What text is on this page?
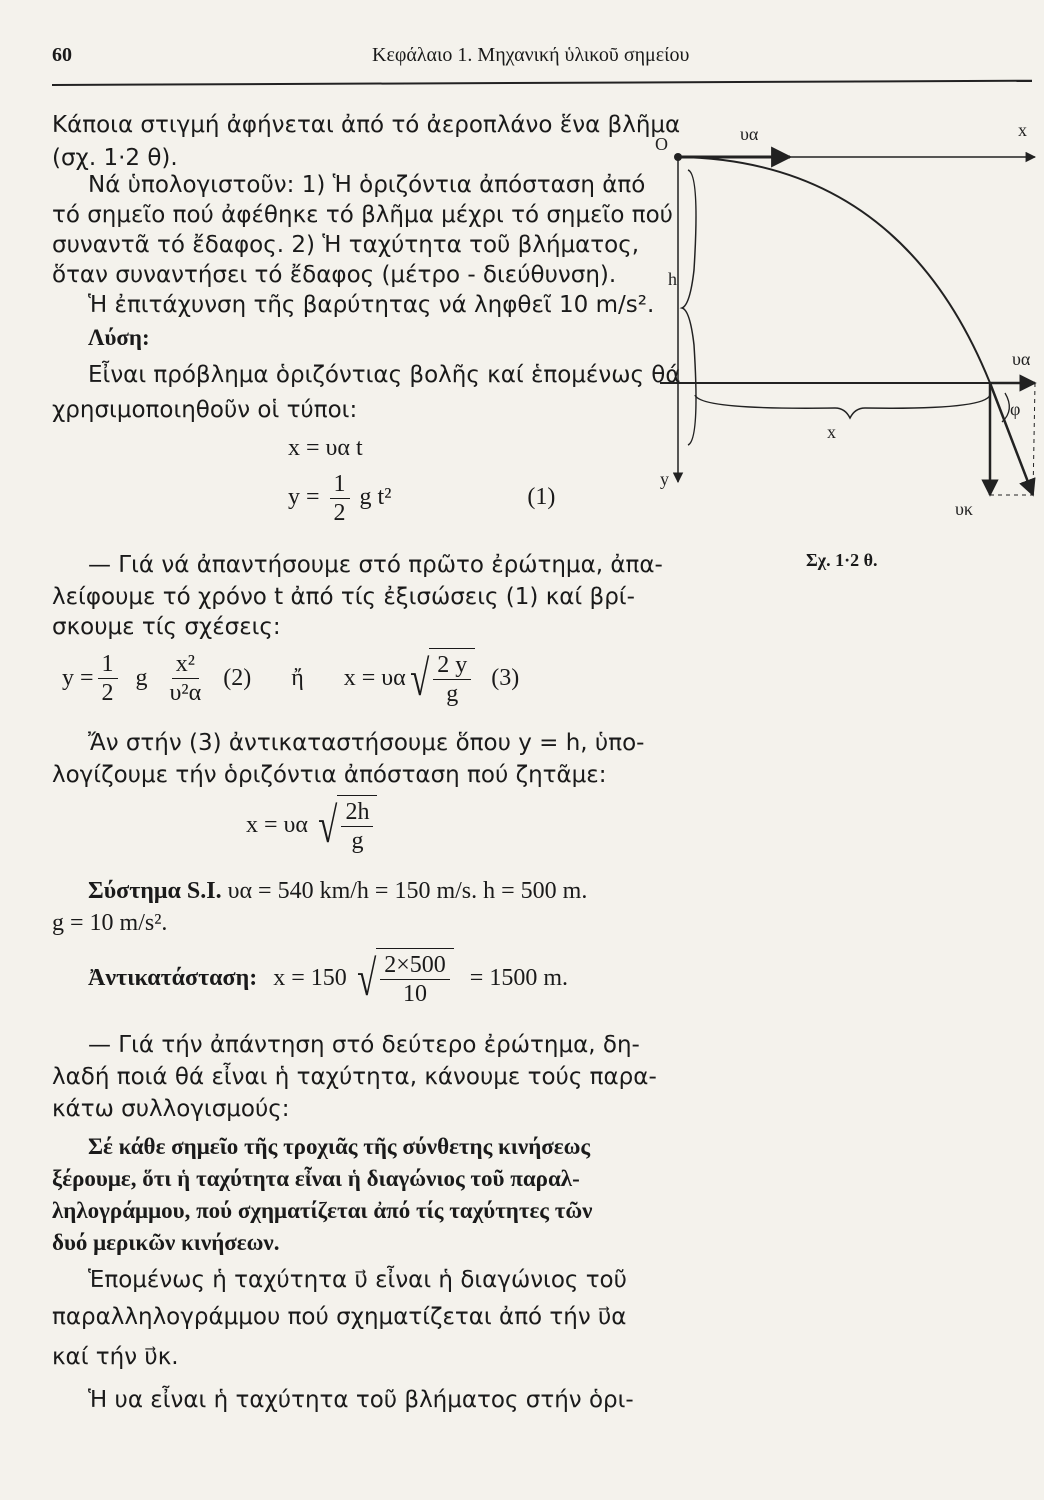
60	Κεφάλαιο 1. Μηχανική ὑλικοῦ σημείου
Κάποια στιγμή ἀφήνεται ἀπό τό ἀεροπλάνο ἕνα βλῆμα
(σχ. 1·2 θ).
Νά ὑπολογιστοῦν: 1) Ἡ ὁριζόντια ἀπόσταση ἀπό
τό σημεῖο πού ἀφέθηκε τό βλῆμα μέχρι τό σημεῖο πού
συναντᾶ τό ἔδαφος. 2) Ἡ ταχύτητα τοῦ βλήματος,
ὅταν συναντήσει τό ἔδαφος (μέτρο - διεύθυνση).
Ἡ ἐπιτάχυνση τῆς βαρύτητας νά ληφθεῖ 10 m/s².
Λύση:
Εἶναι πρόβλημα ὁριζόντιας βολῆς καί ἑπομένως θά
χρησιμοποιηθοῦν οἱ τύποι:
x = υα t
$y = \frac{1}{2}$ g t²	(1)
— Γιά νά ἀπαντήσουμε στό πρῶτο ἐρώτημα, ἀπα-
λείφουμε τό χρόνο t ἀπό τίς ἐξισώσεις (1) καί βρί-
σκουμε τίς σχέσεις:
$y = \frac{1}{2}$ g $\frac{\text{x²}}{\text{υ²α}} (2)$ ἤ x = υα √ $\frac{2 y}{g} (3)$
Ἄν στήν (3) ἀντικαταστήσουμε ὅπου y = h, ὑπο-
λογίζουμε τήν ὁριζόντια ἀπόσταση πού ζητᾶμε:
x = υα √ $\frac{2h}{g}$
Σύστημα S.I. υα = 540 km/h = 150 m/s. h = 500 m.
g = 10 m/s².
Ἀντικατάσταση: x = 150 √ $\frac{2\times 500}{10} = 1500$ m.
— Γιά τήν ἀπάντηση στό δεύτερο ἐρώτημα, δη-
λαδή ποιά θά εἶναι ἡ ταχύτητα, κάνουμε τούς παρα-
κάτω συλλογισμούς:
Σέ κάθε σημεῖο τῆς τροχιᾶς τῆς σύνθετης κινήσεως
ξέρουμε, ὅτι ἡ ταχύτητα εἶναι ἡ διαγώνιος τοῦ παραλ-
ληλογράμμου, πού σχηματίζεται ἀπό τίς ταχύτητες τῶν
δυό μερικῶν κινήσεων.
Ἑπομένως ἡ ταχύτητα υ⃗ εἶναι ἡ διαγώνιος τοῦ
παραλληλογράμμου πού σχηματίζεται ἀπό τήν υ⃗α
καί τήν υ⃗κ.
Ἡ υα εἶναι ἡ ταχύτητα τοῦ βλήματος στήν ὁρι-
O
x
y
h
υα
υα
υκ
x
φ
Σχ. 1·2 θ.
